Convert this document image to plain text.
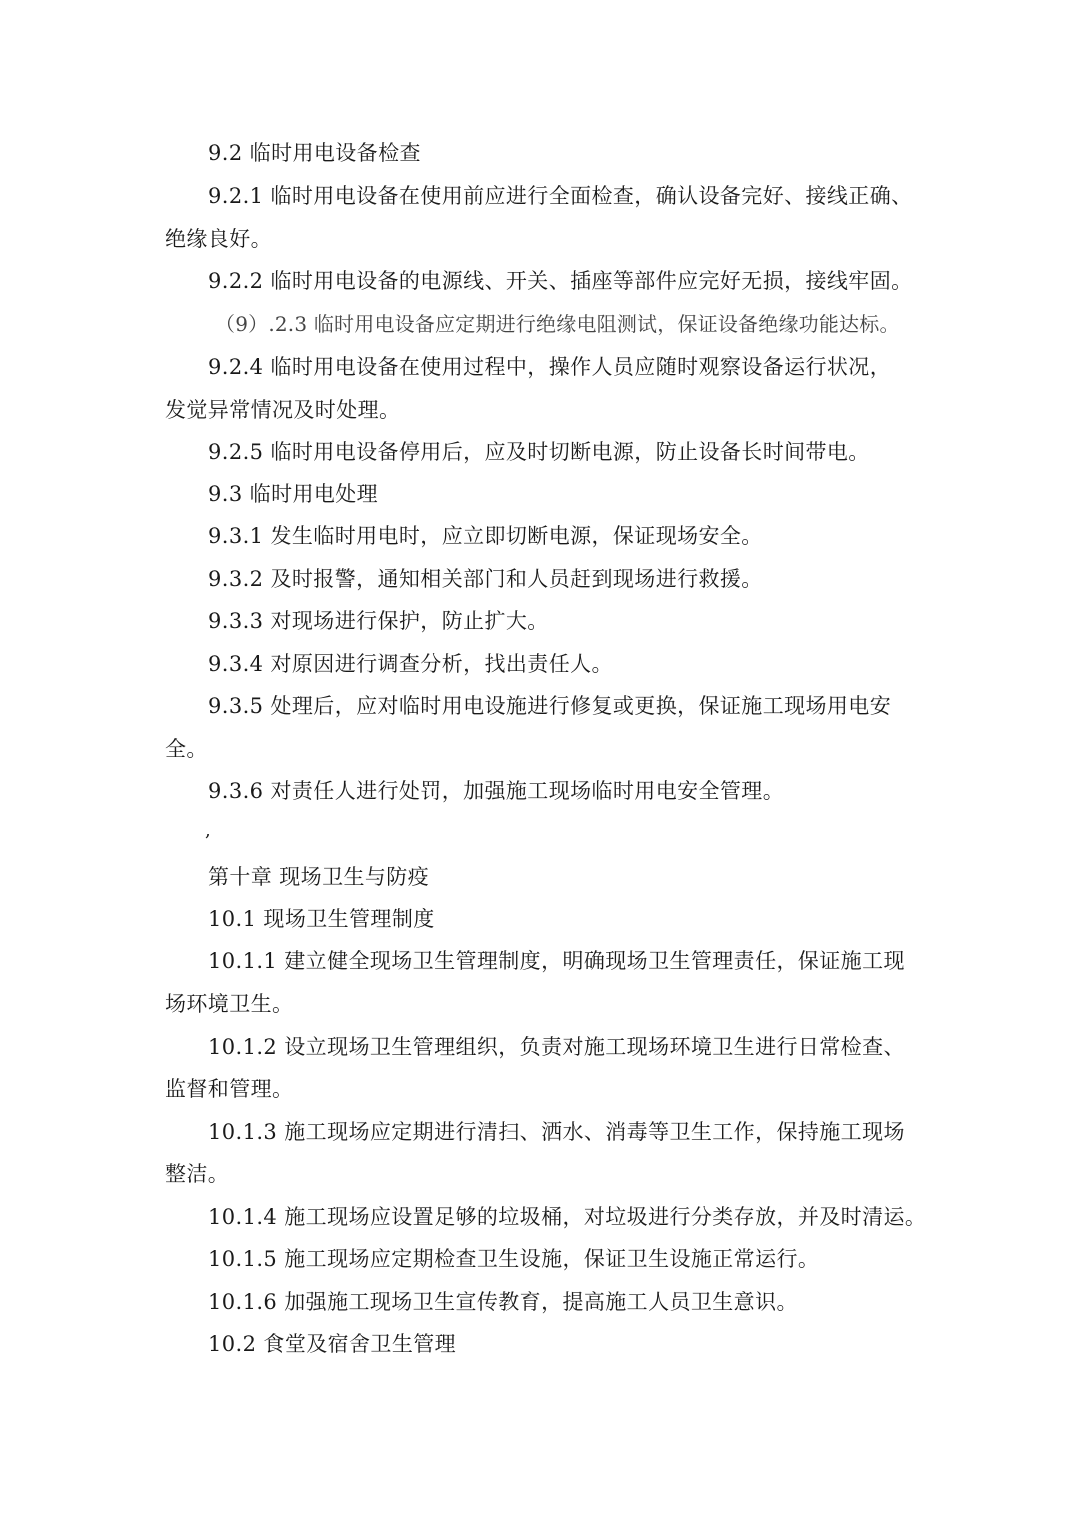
9.2 临时用电设备检查
9.2.1 临时用电设备在使用前应进行全面检查，确认设备完好、接线正确、
绝缘良好。
9.2.2 临时用电设备的电源线、开关、插座等部件应完好无损，接线牢固。
（9）.2.3 临时用电设备应定期进行绝缘电阻测试，保证设备绝缘功能达标。
9.2.4 临时用电设备在使用过程中，操作人员应随时观察设备运行状况，
发觉异常情况及时处理。
9.2.5 临时用电设备停用后，应及时切断电源，防止设备长时间带电。
9.3 临时用电处理
9.3.1 发生临时用电时，应立即切断电源，保证现场安全。
9.3.2 及时报警，通知相关部门和人员赶到现场进行救援。
9.3.3 对现场进行保护，防止扩大。
9.3.4 对原因进行调查分析，找出责任人。
9.3.5 处理后，应对临时用电设施进行修复或更换，保证施工现场用电安
全。
9.3.6 对责任人进行处罚，加强施工现场临时用电安全管理。
,
第十章 现场卫生与防疫
10.1 现场卫生管理制度
10.1.1 建立健全现场卫生管理制度，明确现场卫生管理责任，保证施工现
场环境卫生。
10.1.2 设立现场卫生管理组织，负责对施工现场环境卫生进行日常检查、
监督和管理。
10.1.3 施工现场应定期进行清扫、洒水、消毒等卫生工作，保持施工现场
整洁。
10.1.4 施工现场应设置足够的垃圾桶，对垃圾进行分类存放，并及时清运。
10.1.5 施工现场应定期检查卫生设施，保证卫生设施正常运行。
10.1.6 加强施工现场卫生宣传教育，提高施工人员卫生意识。
10.2 食堂及宿舍卫生管理
